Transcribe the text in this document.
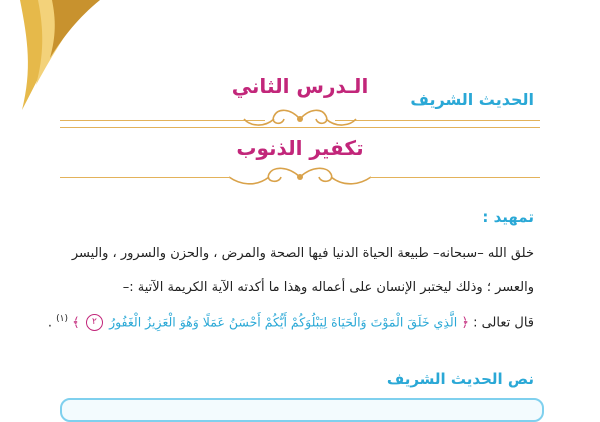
الحديث الشريف
الـدرس الثاني
تكفير الذنوب
تمهيد :
خلق الله –سبحانه– طبيعة الحياة الدنيا فيها الصحة والمرض ، والحزن والسرور ، واليسر
والعسر ؛ وذلك ليختبر الإنسان على أعماله وهذا ما أكدته الآية الكريمة الآتية :–
قال تعالى : ﴿ الَّذِي خَلَقَ الْمَوْتَ وَالْحَيَاةَ لِيَبْلُوَكُمْ أَيُّكُمْ أَحْسَنُ عَمَلًا وَهُوَ الْعَزِيزُ الْغَفُورُ ٢ ﴾ $^{(١)}$ .
نص الحديث الشريف
